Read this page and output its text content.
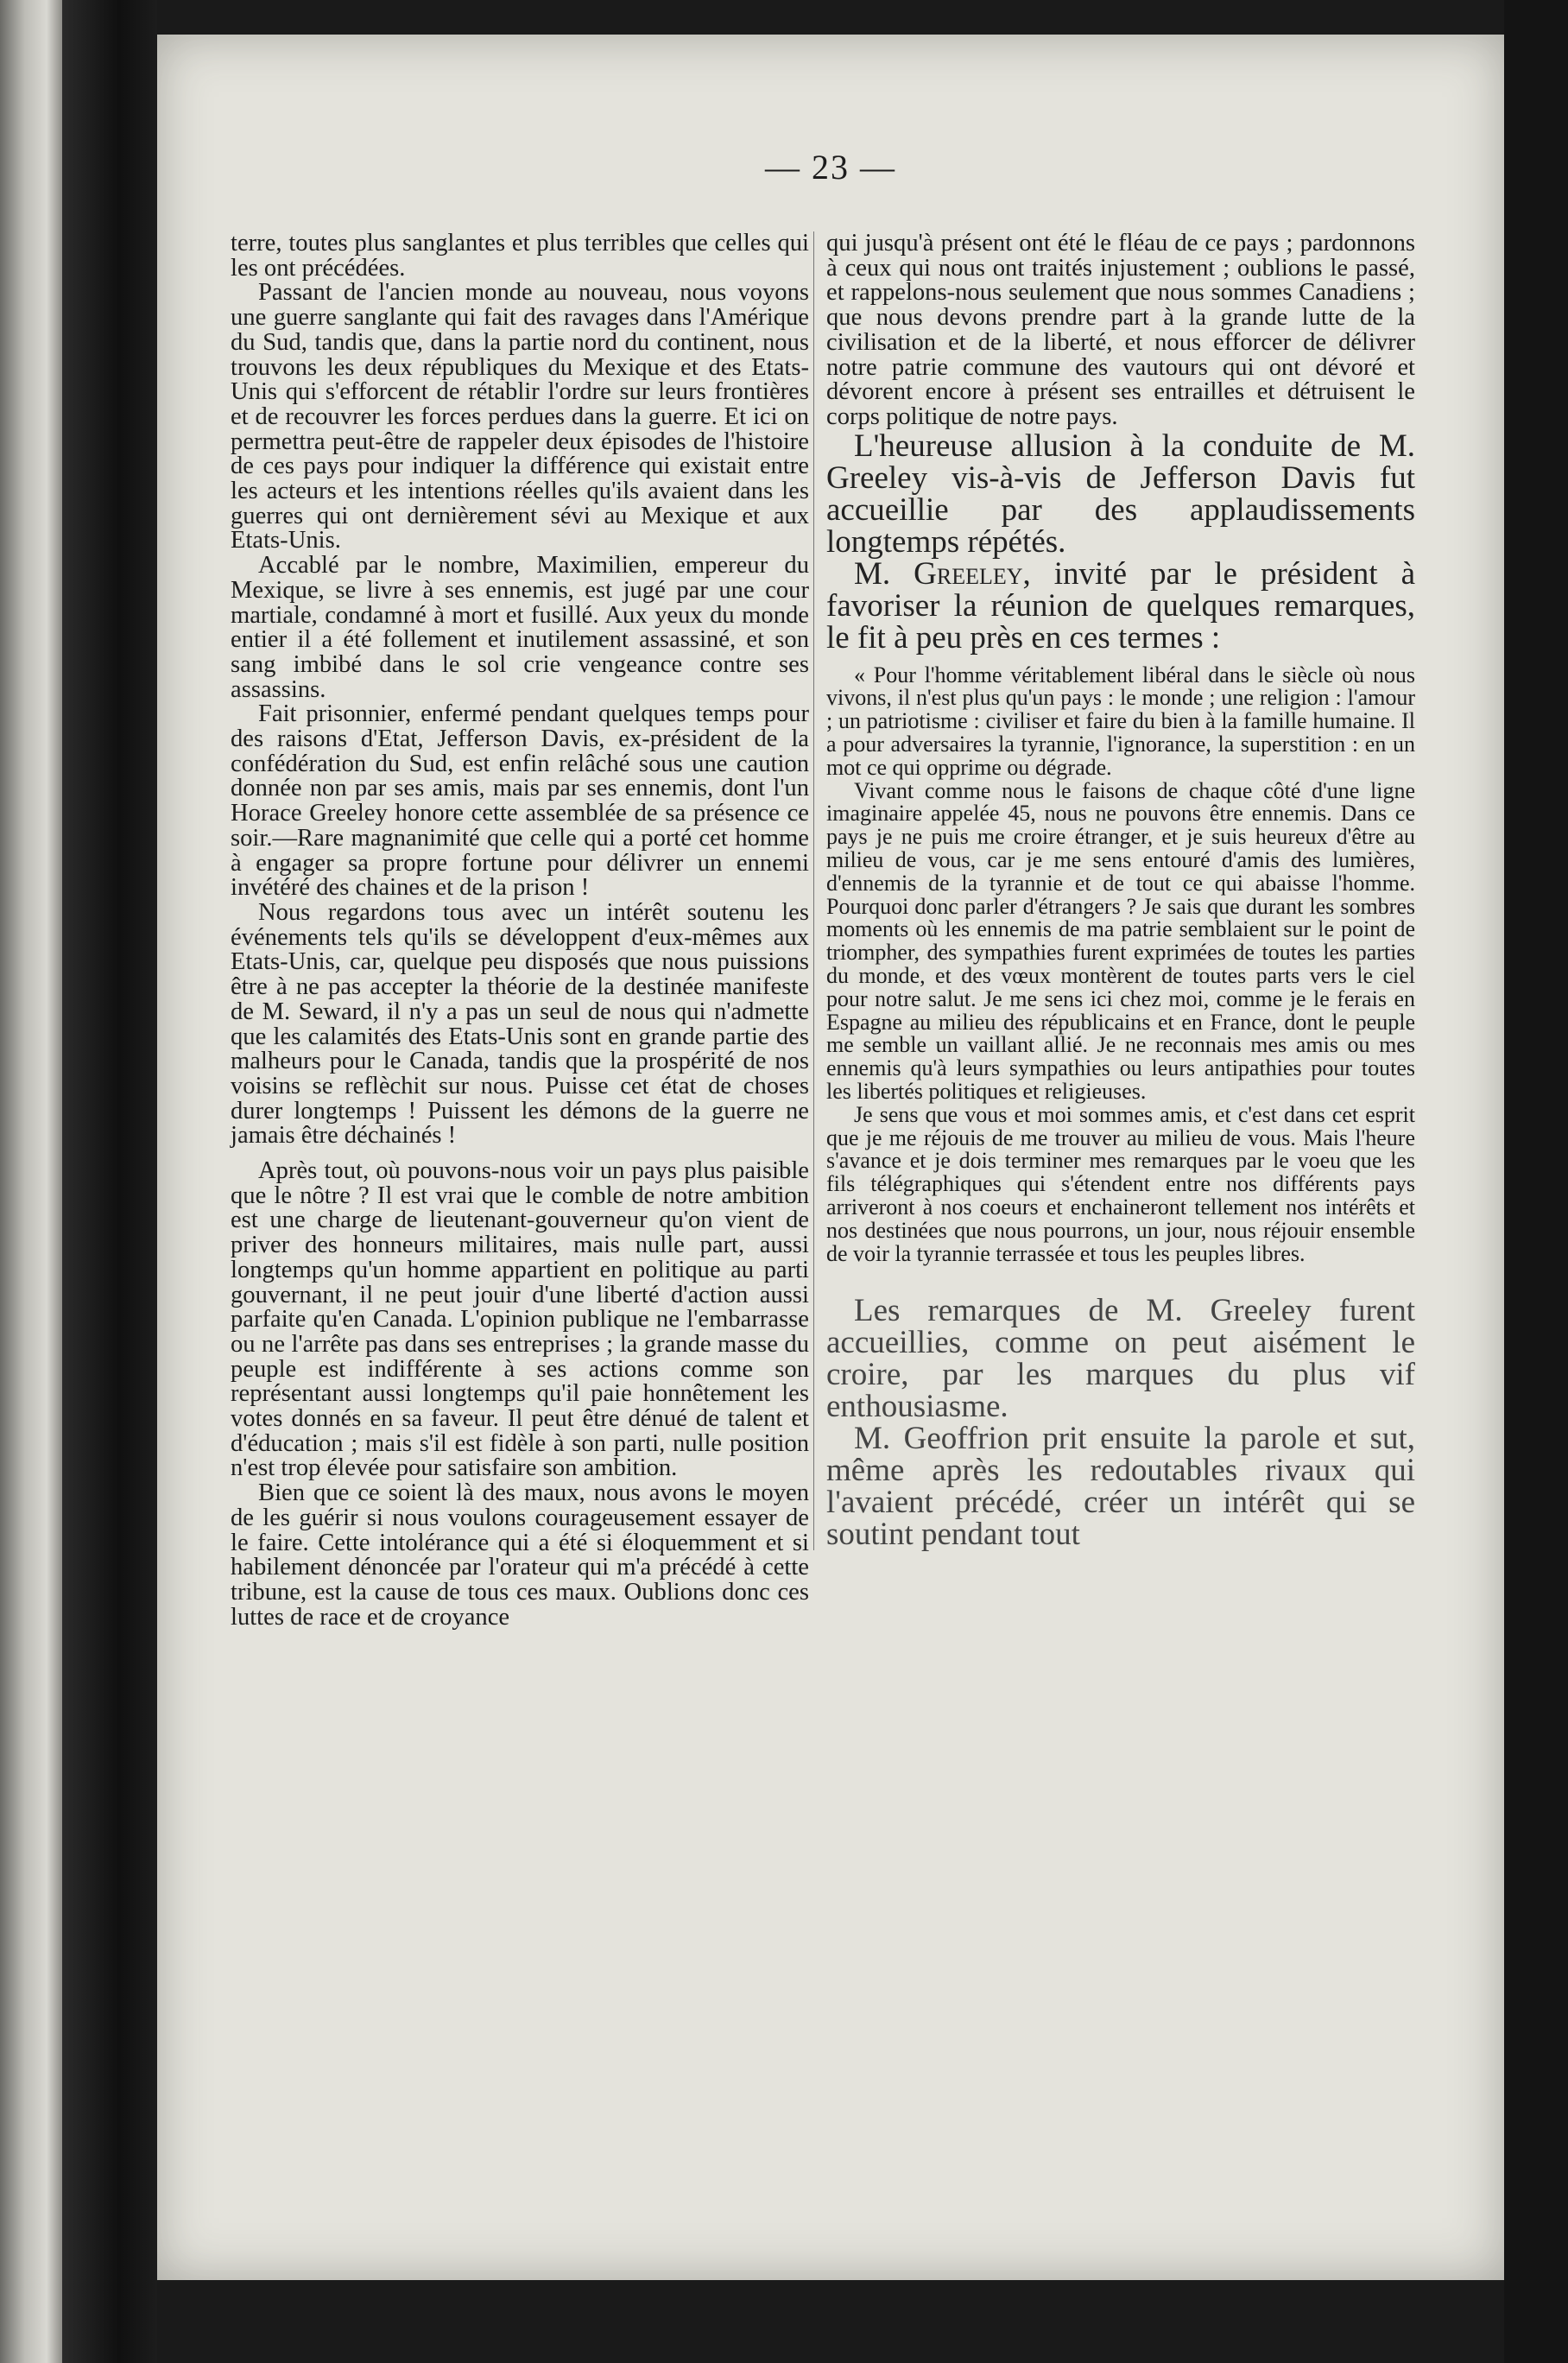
— 23 —

terre, toutes plus sanglantes et plus terribles que celles qui les ont précédées.

Passant de l'ancien monde au nouveau, nous voyons une guerre sanglante qui fait des ravages dans l'Amérique du Sud, tandis que, dans la partie nord du continent, nous trouvons les deux républiques du Mexique et des Etats-Unis qui s'efforcent de rétablir l'ordre sur leurs frontières et de recouvrer les forces perdues dans la guerre. Et ici on permettra peut-être de rappeler deux épisodes de l'histoire de ces pays pour indiquer la différence qui existait entre les acteurs et les intentions réelles qu'ils avaient dans les guerres qui ont dernièrement sévi au Mexique et aux Etats-Unis.

Accablé par le nombre, Maximilien, empereur du Mexique, se livre à ses ennemis, est jugé par une cour martiale, condamné à mort et fusillé. Aux yeux du monde entier il a été follement et inutilement assassiné, et son sang imbibé dans le sol crie vengeance contre ses assassins.

Fait prisonnier, enfermé pendant quelques temps pour des raisons d'Etat, Jefferson Davis, ex-président de la confédération du Sud, est enfin relâché sous une caution donnée non par ses amis, mais par ses ennemis, dont l'un Horace Greeley honore cette assemblée de sa présence ce soir.—Rare magnanimité que celle qui a porté cet homme à engager sa propre fortune pour délivrer un ennemi invétéré des chaines et de la prison !

Nous regardons tous avec un intérêt soutenu les événements tels qu'ils se développent d'eux-mêmes aux Etats-Unis, car, quelque peu disposés que nous puissions être à ne pas accepter la théorie de la destinée manifeste de M. Seward, il n'y a pas un seul de nous qui n'admette que les calamités des Etats-Unis sont en grande partie des malheurs pour le Canada, tandis que la prospérité de nos voisins se reflèchit sur nous. Puisse cet état de choses durer longtemps ! Puissent les démons de la guerre ne jamais être déchainés !

Après tout, où pouvons-nous voir un pays plus paisible que le nôtre ? Il est vrai que le comble de notre ambition est une charge de lieutenant-gouverneur qu'on vient de priver des honneurs militaires, mais nulle part, aussi longtemps qu'un homme appartient en politique au parti gouvernant, il ne peut jouir d'une liberté d'action aussi parfaite qu'en Canada. L'opinion publique ne l'embarrasse ou ne l'arrête pas dans ses entreprises ; la grande masse du peuple est indifférente à ses actions comme son représentant aussi longtemps qu'il paie honnêtement les votes donnés en sa faveur. Il peut être dénué de talent et d'éducation ; mais s'il est fidèle à son parti, nulle position n'est trop élevée pour satisfaire son ambition.

Bien que ce soient là des maux, nous avons le moyen de les guérir si nous voulons courageusement essayer de le faire. Cette intolérance qui a été si éloquemment et si habilement dénoncée par l'orateur qui m'a précédé à cette tribune, est la cause de tous ces maux. Oublions donc ces luttes de race et de croyance

qui jusqu'à présent ont été le fléau de ce pays ; pardonnons à ceux qui nous ont traités injustement ; oublions le passé, et rappelons-nous seulement que nous sommes Canadiens ; que nous devons prendre part à la grande lutte de la civilisation et de la liberté, et nous efforcer de délivrer notre patrie commune des vautours qui ont dévoré et dévorent encore à présent ses entrailles et détruisent le corps politique de notre pays.

L'heureuse allusion à la conduite de M. Greeley vis-à-vis de Jefferson Davis fut accueillie par des applaudissements longtemps répétés.

M. Greeley, invité par le président à favoriser la réunion de quelques remarques, le fit à peu près en ces termes :

« Pour l'homme véritablement libéral dans le siècle où nous vivons, il n'est plus qu'un pays : le monde ; une religion : l'amour ; un patriotisme : civiliser et faire du bien à la famille humaine. Il a pour adversaires la tyrannie, l'ignorance, la superstition : en un mot ce qui opprime ou dégrade.

Vivant comme nous le faisons de chaque côté d'une ligne imaginaire appelée 45, nous ne pouvons être ennemis. Dans ce pays je ne puis me croire étranger, et je suis heureux d'être au milieu de vous, car je me sens entouré d'amis des lumières, d'ennemis de la tyrannie et de tout ce qui abaisse l'homme. Pourquoi donc parler d'étrangers ? Je sais que durant les sombres moments où les ennemis de ma patrie semblaient sur le point de triompher, des sympathies furent exprimées de toutes les parties du monde, et des vœux montèrent de toutes parts vers le ciel pour notre salut. Je me sens ici chez moi, comme je le ferais en Espagne au milieu des républicains et en France, dont le peuple me semble un vaillant allié. Je ne reconnais mes amis ou mes ennemis qu'à leurs sympathies ou leurs antipathies pour toutes les libertés politiques et religieuses.

Je sens que vous et moi sommes amis, et c'est dans cet esprit que je me réjouis de me trouver au milieu de vous. Mais l'heure s'avance et je dois terminer mes remarques par le voeu que les fils télégraphiques qui s'étendent entre nos différents pays arriveront à nos coeurs et enchaineront tellement nos intérêts et nos destinées que nous pourrons, un jour, nous réjouir ensemble de voir la tyrannie terrassée et tous les peuples libres.

Les remarques de M. Greeley furent accueillies, comme on peut aisément le croire, par les marques du plus vif enthousiasme.

M. Geoffrion prit ensuite la parole et sut, même après les redoutables rivaux qui l'avaient précédé, créer un intérêt qui se soutint pendant tout
